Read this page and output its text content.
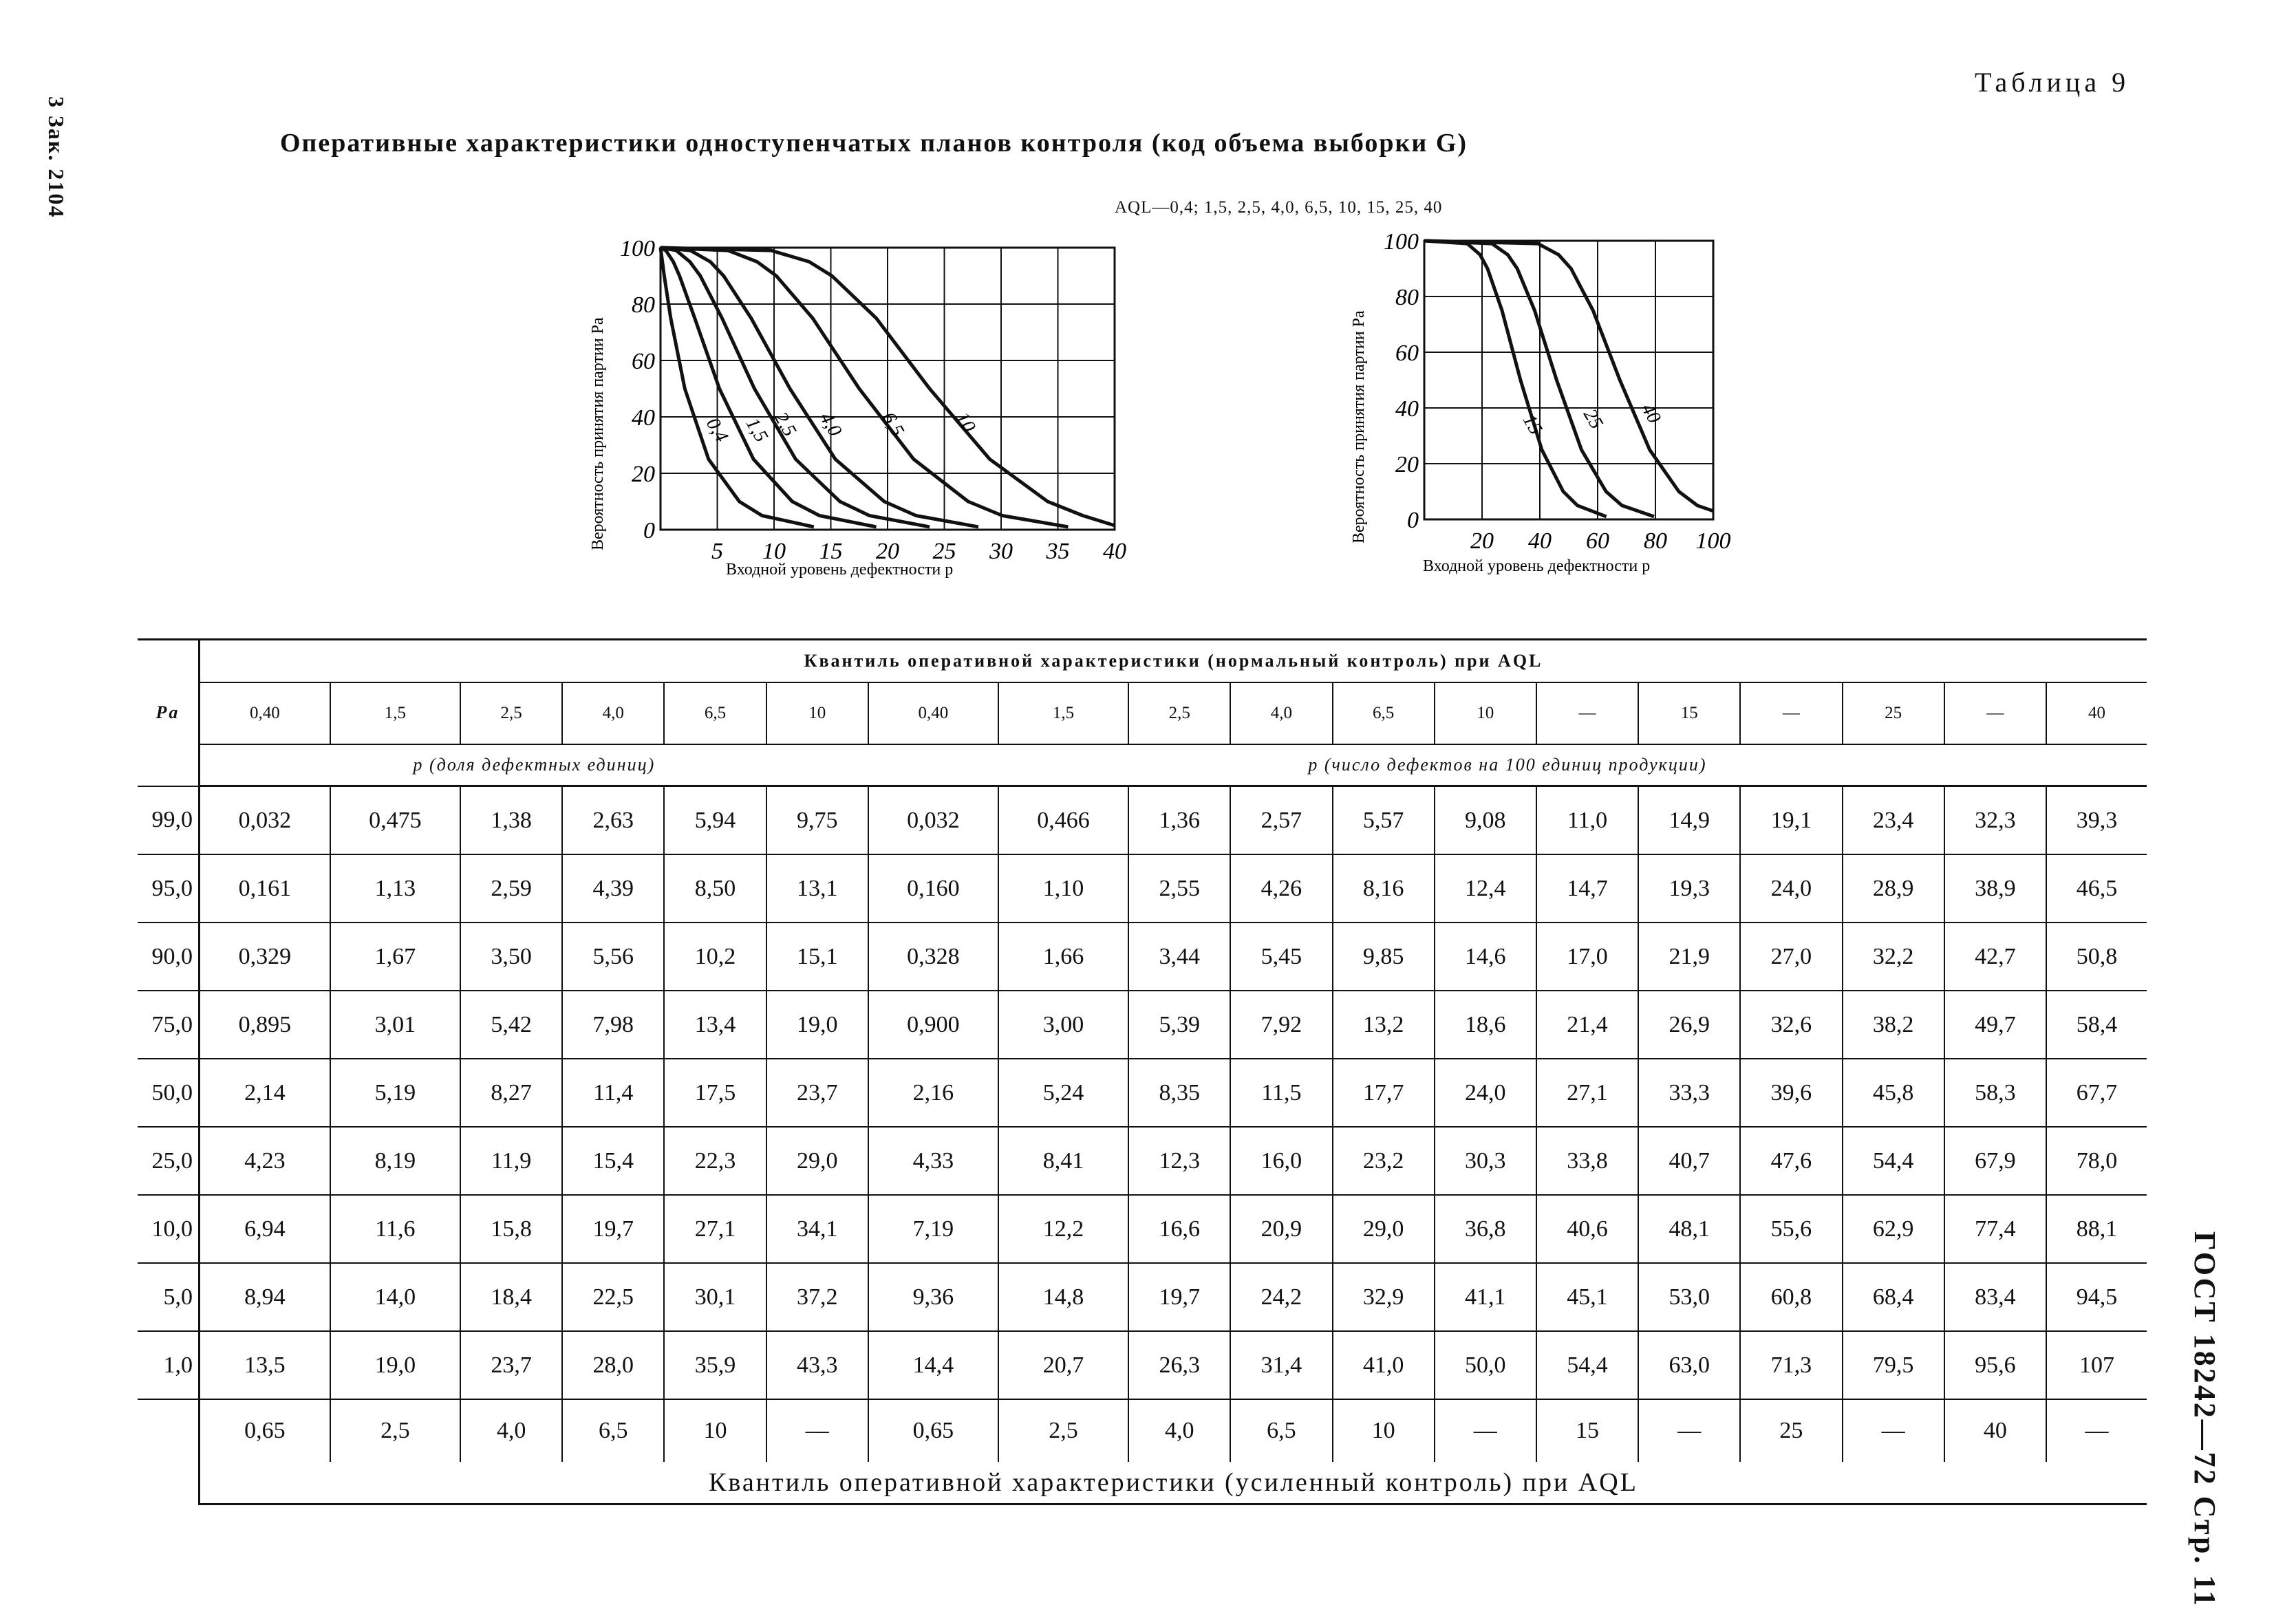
3 Зак. 2104
ГОСТ 18242—72 Стр. 11
Таблица 9
Оперативные характеристики одноступенчатых планов контроля (код объема выборки G)
AQL—0,4; 1,5, 2,5, 4,0, 6,5, 10, 15, 25, 40
5 10 15 20 25 30 35 40
0
20
40
60
80
100
0,4 1,5
2,5 4,0 6,5 10
Вероятность принятия партии Pa
Входной уровень дефектности p
20 40 60 80 100
0
20
40
60
80
100
15 25 40
Вероятность принятия партии Pa
Входной уровень дефектности p
Pa	Квантиль оперативной характеристики (нормальный контроль) при AQL																	
	0,40	1,5	2,5	4,0	6,5	10	0,40	1,5	2,5	4,0	6,5	10	—	15	—	25	—	40
	p (доля дефектных единиц)						p (число дефектов на 100 единиц продукции)											
99,0	0,032	0,475	1,38	2,63	5,94	9,75	0,032	0,466	1,36	2,57	5,57	9,08	11,0	14,9	19,1	23,4	32,3	39,3
95,0	0,161	1,13	2,59	4,39	8,50	13,1	0,160	1,10	2,55	4,26	8,16	12,4	14,7	19,3	24,0	28,9	38,9	46,5
90,0	0,329	1,67	3,50	5,56	10,2	15,1	0,328	1,66	3,44	5,45	9,85	14,6	17,0	21,9	27,0	32,2	42,7	50,8
75,0	0,895	3,01	5,42	7,98	13,4	19,0	0,900	3,00	5,39	7,92	13,2	18,6	21,4	26,9	32,6	38,2	49,7	58,4
50,0	2,14	5,19	8,27	11,4	17,5	23,7	2,16	5,24	8,35	11,5	17,7	24,0	27,1	33,3	39,6	45,8	58,3	67,7
25,0	4,23	8,19	11,9	15,4	22,3	29,0	4,33	8,41	12,3	16,0	23,2	30,3	33,8	40,7	47,6	54,4	67,9	78,0
10,0	6,94	11,6	15,8	19,7	27,1	34,1	7,19	12,2	16,6	20,9	29,0	36,8	40,6	48,1	55,6	62,9	77,4	88,1
5,0	8,94	14,0	18,4	22,5	30,1	37,2	9,36	14,8	19,7	24,2	32,9	41,1	45,1	53,0	60,8	68,4	83,4	94,5
1,0	13,5	19,0	23,7	28,0	35,9	43,3	14,4	20,7	26,3	31,4	41,0	50,0	54,4	63,0	71,3	79,5	95,6	107
	0,65	2,5	4,0	6,5	10	—	0,65	2,5	4,0	6,5	10	—	15	—	25	—	40	—
	Квантиль оперативной характеристики (усиленный контроль) при AQL																	
